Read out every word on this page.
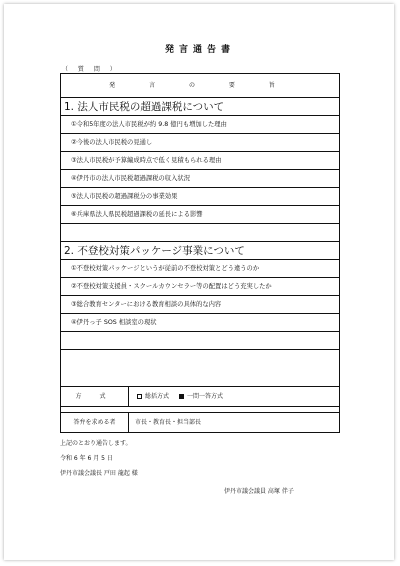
発言通告書
（ 質 問 ）
発 言 の 要 旨
1. 法人市民税の超過課税について
①令和5年度の法人市民税が約 9.8 億円も増加した理由
②今後の法人市民税の見通し
③法人市民税が予算編成時点で低く見積もられる理由
④伊丹市の法人市民税超過課税の収入状況
⑤法人市民税の超過課税分の事業効果
⑥兵庫県法人県民税超過課税の延長による影響
2. 不登校対策パッケージ事業について
①不登校対策パッケージというが従前の不登校対策とどう違うのか
②不登校対策支援員・スクールカウンセラー等の配置はどう充実したか
③総合教育センターにおける教育相談の具体的な内容
④伊丹っ子 SOS 相談室の現状
方 式	総括方式	一問一答方式
答弁を求める者	市長・教育長・担当部長
上記のとおり通告します。
令和 6 年 6 月 5 日
伊丹市議会議長 戸田 龍起 様
伊丹市議会議員 高塚 伴子
